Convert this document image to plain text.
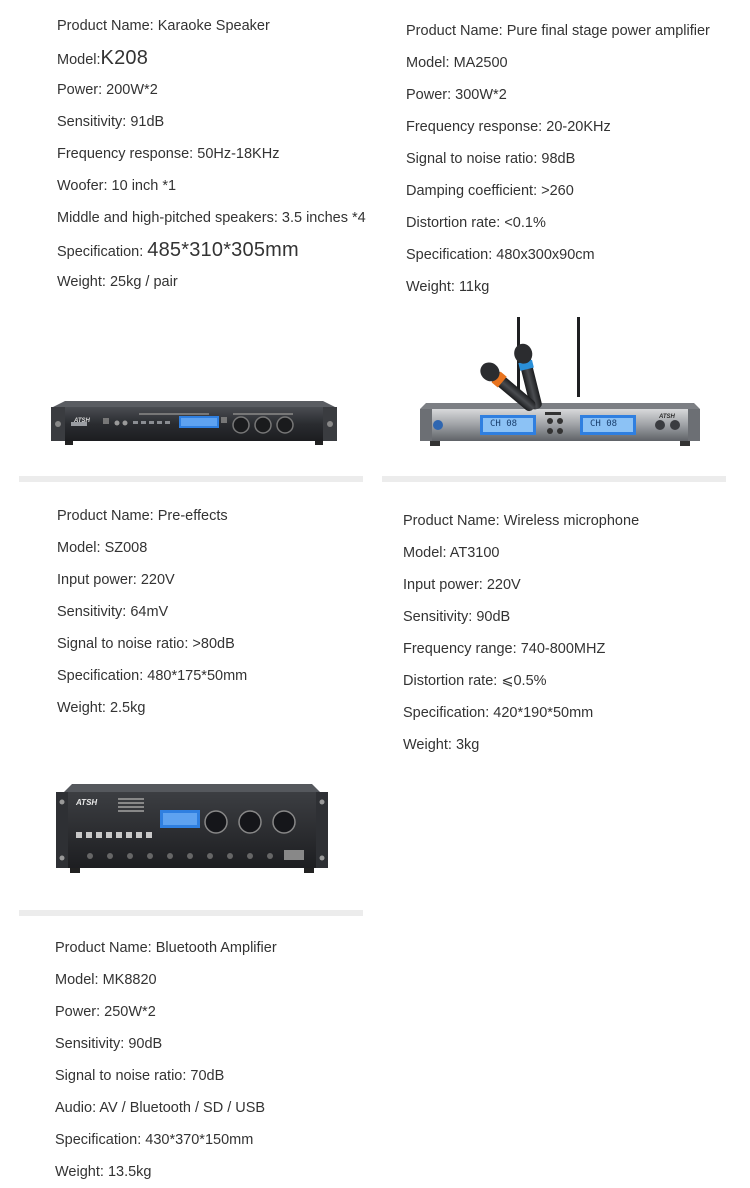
Product Name: Karaoke Speaker
Model:K208
Power: 200W*2
Sensitivity: 91dB
Frequency response: 50Hz-18KHz
Woofer: 10 inch *1
Middle and high-pitched speakers: 3.5 inches *4
Specification: 485*310*305mm
Weight: 25kg / pair
Product Name: Pure final stage power amplifier
Model: MA2500
Power: 300W*2
Frequency response: 20-20KHz
Signal to noise ratio: 98dB
Damping coefficient: >260
Distortion rate: <0.1%
Specification: 480x300x90cm
Weight: 11kg
ATSH	CH 08	CH 08
ATSH
Product Name: Pre-effects
Model: SZ008
Input power: 220V
Sensitivity: 64mV
Signal to noise ratio: >80dB
Specification: 480*175*50mm
Weight: 2.5kg
Product Name: Wireless microphone
Model: AT3100
Input power: 220V
Sensitivity: 90dB
Frequency range: 740-800MHZ
Distortion rate: ⩽0.5%
Specification: 420*190*50mm
Weight: 3kg
ATSH
Product Name: Bluetooth Amplifier
Model: MK8820
Power: 250W*2
Sensitivity: 90dB
Signal to noise ratio: 70dB
Audio: AV / Bluetooth / SD / USB
Specification: 430*370*150mm
Weight: 13.5kg
